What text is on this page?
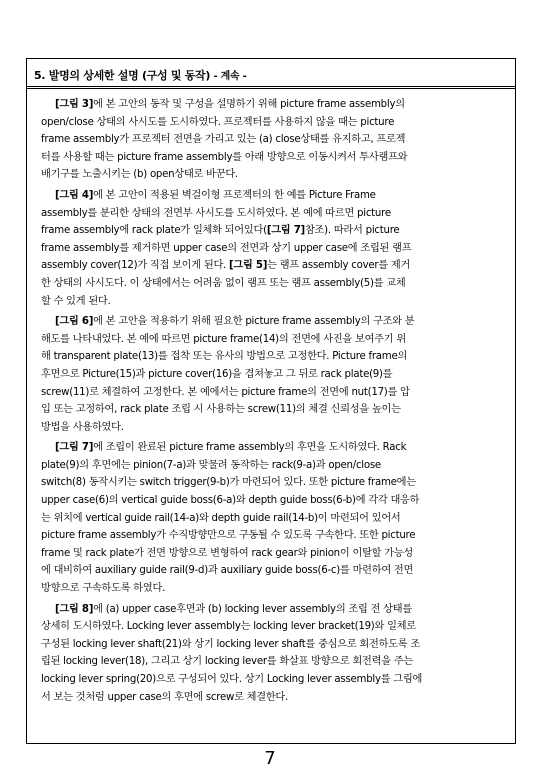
5. 발명의 상세한 설명 (구성 및 동작) - 계속 -
[그림 3]에 본 고안의 동작 및 구성을 설명하기 위해 picture frame assembly의
open/close 상태의 사시도를 도시하였다. 프로젝터를 사용하지 않을 때는 picture
frame assembly가 프로젝터 전면을 가리고 있는 (a) close상태를 유지하고, 프로젝
터를 사용할 때는 picture frame assembly를 아래 방향으로 이동시켜서 투사램프와
배기구를 노출시키는 (b) open상태로 바꾼다.
[그림 4]에 본 고안이 적용된 벽걸이형 프로젝터의 한 예를 Picture Frame
assembly를 분리한 상태의 전면부 사시도를 도시하였다. 본 예에 따르면 picture
frame assembly에 rack plate가 일체화 되어있다([그림 7]참조). 따라서 picture
frame assembly를 제거하면 upper case의 전면과 상기 upper case에 조립된 램프
assembly cover(12)가 직접 보이게 된다. [그림 5]는 램프 assembly cover를 제거
한 상태의 사시도다. 이 상태에서는 어려움 없이 램프 또는 램프 assembly(5)를 교체
할 수 있게 된다.
[그림 6]에 본 고안을 적용하기 위해 필요한 picture frame assembly의 구조와 분
해도를 나타내었다. 본 예에 따르면 picture frame(14)의 전면에 사진을 보여주기 위
해 transparent plate(13)를 접착 또는 유사의 방법으로 고정한다. Picture frame의
후면으로 Picture(15)과 picture cover(16)을 겹쳐놓고 그 뒤로 rack plate(9)를
screw(11)로 체결하여 고정한다. 본 예에서는 picture frame의 전면에 nut(17)를 압
입 또는 고정하여, rack plate 조립 시 사용하는 screw(11)의 체결 신뢰성을 높이는
방법을 사용하였다.
[그림 7]에 조립이 완료된 picture frame assembly의 후면을 도시하였다. Rack
plate(9)의 후면에는 pinion(7-a)과 맞물려 동작하는 rack(9-a)과 open/close
switch(8) 동작시키는 switch trigger(9-b)가 마련되어 있다. 또한 picture frame에는
upper case(6)의 vertical guide boss(6-a)와 depth guide boss(6-b)에 각각 대응하
는 위치에 vertical guide rail(14-a)와 depth guide rail(14-b)이 마련되어 있어서
picture frame assembly가 수직방향만으로 구동될 수 있도록 구속한다. 또한 picture
frame 및 rack plate가 전면 방향으로 변형하여 rack gear와 pinion이 이탈할 가능성
에 대비하여 auxiliary guide rail(9-d)과 auxiliary guide boss(6-c)를 마련하여 전면
방향으로 구속하도록 하였다.
[그림 8]에 (a) upper case후면과 (b) locking lever assembly의 조립 전 상태를
상세히 도시하였다. Locking lever assembly는 locking lever bracket(19)와 일체로
구성된 locking lever shaft(21)와 상기 locking lever shaft를 중심으로 회전하도록 조
립된 locking lever(18), 그리고 상기 locking lever를 화살표 방향으로 회전력을 주는
locking lever spring(20)으로 구성되어 있다. 상기 Locking lever assembly를 그림에
서 보는 것처럼 upper case의 후면에 screw로 체결한다.
7
